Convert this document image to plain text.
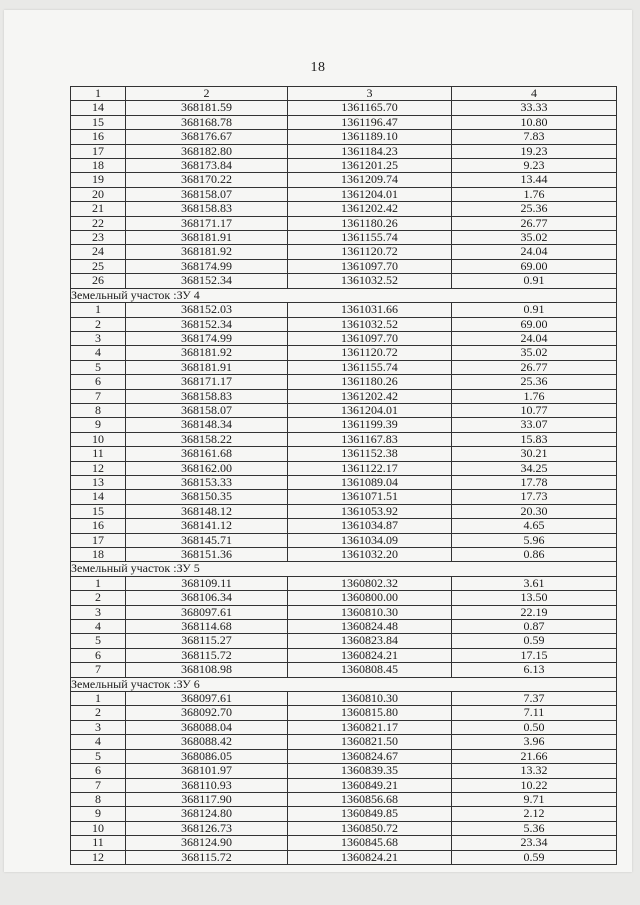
18
1	2	3	4
14	368181.59	1361165.70	33.33
15	368168.78	1361196.47	10.80
16	368176.67	1361189.10	7.83
17	368182.80	1361184.23	19.23
18	368173.84	1361201.25	9.23
19	368170.22	1361209.74	13.44
20	368158.07	1361204.01	1.76
21	368158.83	1361202.42	25.36
22	368171.17	1361180.26	26.77
23	368181.91	1361155.74	35.02
24	368181.92	1361120.72	24.04
25	368174.99	1361097.70	69.00
26	368152.34	1361032.52	0.91
Земельный участок :ЗУ 4			
1	368152.03	1361031.66	0.91
2	368152.34	1361032.52	69.00
3	368174.99	1361097.70	24.04
4	368181.92	1361120.72	35.02
5	368181.91	1361155.74	26.77
6	368171.17	1361180.26	25.36
7	368158.83	1361202.42	1.76
8	368158.07	1361204.01	10.77
9	368148.34	1361199.39	33.07
10	368158.22	1361167.83	15.83
11	368161.68	1361152.38	30.21
12	368162.00	1361122.17	34.25
13	368153.33	1361089.04	17.78
14	368150.35	1361071.51	17.73
15	368148.12	1361053.92	20.30
16	368141.12	1361034.87	4.65
17	368145.71	1361034.09	5.96
18	368151.36	1361032.20	0.86
Земельный участок :ЗУ 5			
1	368109.11	1360802.32	3.61
2	368106.34	1360800.00	13.50
3	368097.61	1360810.30	22.19
4	368114.68	1360824.48	0.87
5	368115.27	1360823.84	0.59
6	368115.72	1360824.21	17.15
7	368108.98	1360808.45	6.13
Земельный участок :ЗУ 6			
1	368097.61	1360810.30	7.37
2	368092.70	1360815.80	7.11
3	368088.04	1360821.17	0.50
4	368088.42	1360821.50	3.96
5	368086.05	1360824.67	21.66
6	368101.97	1360839.35	13.32
7	368110.93	1360849.21	10.22
8	368117.90	1360856.68	9.71
9	368124.80	1360849.85	2.12
10	368126.73	1360850.72	5.36
11	368124.90	1360845.68	23.34
12	368115.72	1360824.21	0.59
